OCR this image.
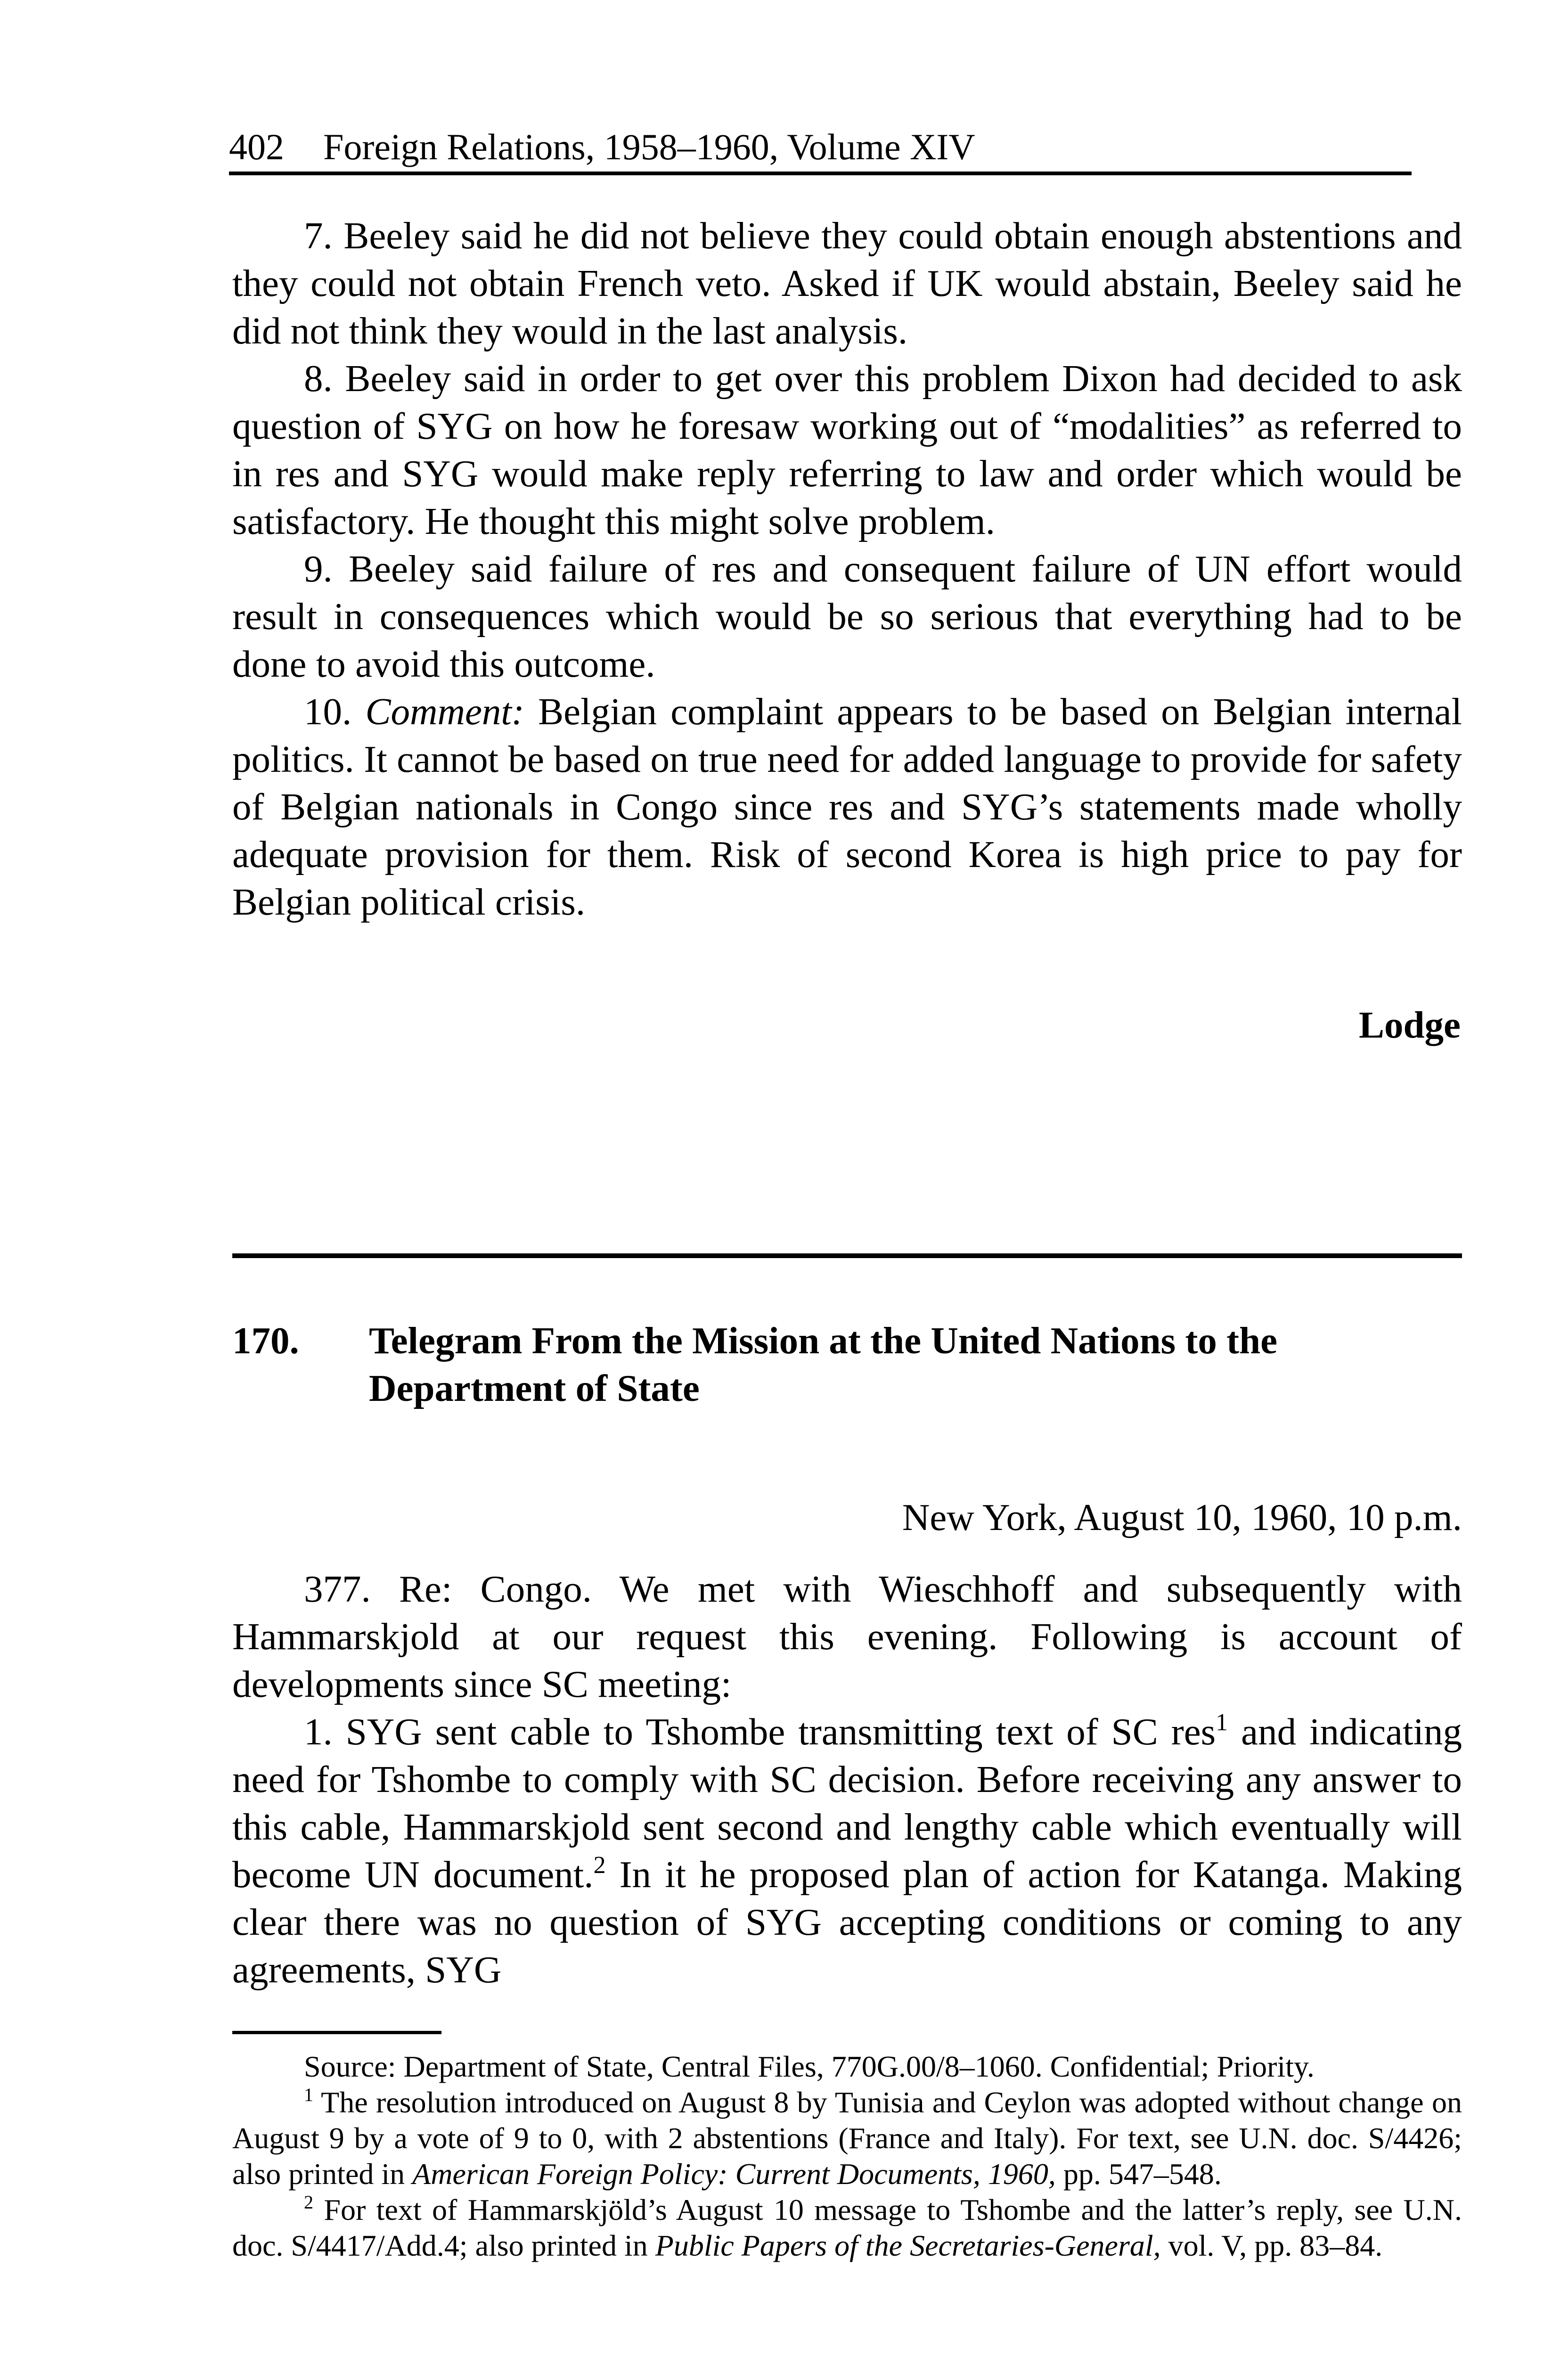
402 Foreign Relations, 1958–1960, Volume XIV

7. Beeley said he did not believe they could obtain enough abstentions and they could not obtain French veto. Asked if UK would abstain, Beeley said he did not think they would in the last analysis.

8. Beeley said in order to get over this problem Dixon had decided to ask question of SYG on how he foresaw working out of “modalities” as referred to in res and SYG would make reply referring to law and order which would be satisfactory. He thought this might solve problem.

9. Beeley said failure of res and consequent failure of UN effort would result in consequences which would be so serious that everything had to be done to avoid this outcome.

10. Comment: Belgian complaint appears to be based on Belgian internal politics. It cannot be based on true need for added language to provide for safety of Belgian nationals in Congo since res and SYG’s statements made wholly adequate provision for them. Risk of second Korea is high price to pay for Belgian political crisis.

Lodge
170. Telegram From the Mission at the United Nations to the Department of State
New York, August 10, 1960, 10 p.m.

377. Re: Congo. We met with Wieschhoff and subsequently with Hammarskjold at our request this evening. Following is account of developments since SC meeting:

1. SYG sent cable to Tshombe transmitting text of SC res$^1$ and indicating need for Tshombe to comply with SC decision. Before receiving any answer to this cable, Hammarskjold sent second and lengthy cable which eventually will become UN document.$^2$ In it he proposed plan of action for Katanga. Making clear there was no question of SYG accepting conditions or coming to any agreements, SYG

Source: Department of State, Central Files, 770G.00/8–1060. Confidential; Priority.

$^1$ The resolution introduced on August 8 by Tunisia and Ceylon was adopted without change on August 9 by a vote of 9 to 0, with 2 abstentions (France and Italy). For text, see U.N. doc. S/4426; also printed in American Foreign Policy: Current Documents, 1960, pp. 547–548.

$^2$ For text of Hammarskjöld’s August 10 message to Tshombe and the latter’s reply, see U.N. doc. S/4417/Add.4; also printed in Public Papers of the Secretaries-General, vol. V, pp. 83–84.
